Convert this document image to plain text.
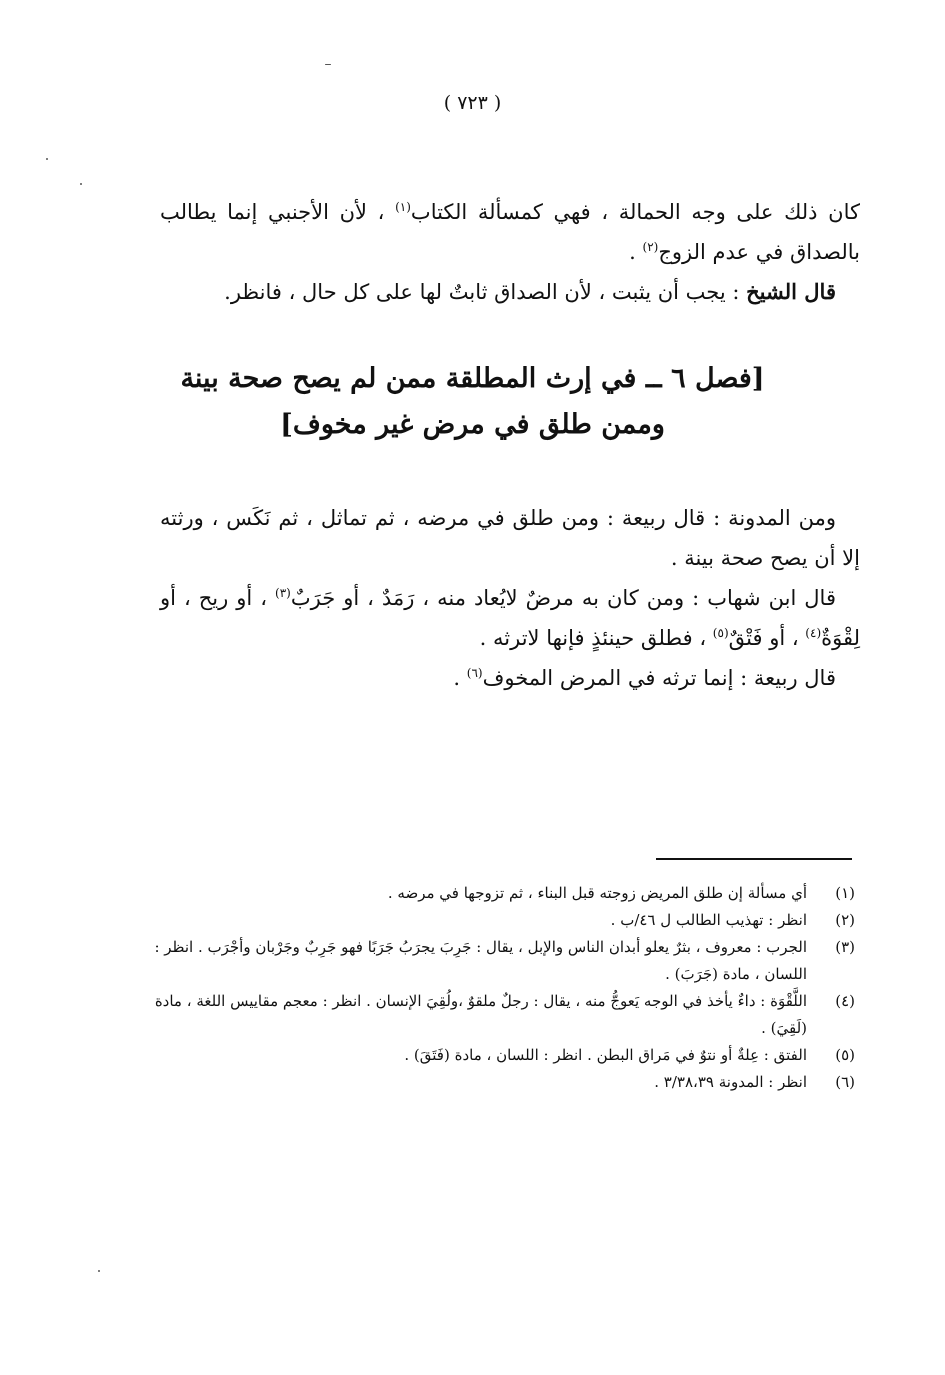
( ٧٢٣ )

كان ذلك على وجه الحمالة ، فهي كمسألة الكتاب$^{(١)}$ ، لأن الأجنبي إنما يطالب بالصداق في عدم الزوج$^{(٢)}$ .

قال الشيخ : يجب أن يثبت ، لأن الصداق ثابتٌ لها على كل حال ، فانظر.

[فصل ٦ ــ في إرث المطلقة ممن لم يصح صحة بينة
وممن طلق في مرض غير مخوف]

ومن المدونة : قال ربيعة : ومن طلق في مرضه ، ثم تماثل ، ثم نَكَس ، ورثته إلا أن يصح صحة بينة .

قال ابن شهاب : ومن كان به مرضٌ لايُعاد منه ، رَمَدٌ ، أو جَرَبٌ$^{(٣)}$ ، أو ريح ، أو لِقْوَةٌ$^{(٤)}$ ، أو فَتْقٌ$^{(٥)}$ ، فطلق حينئذٍ فإنها لاترثه .

قال ربيعة : إنما ترثه في المرض المخوف$^{(٦)}$ .

(١)
أي مسألة إن طلق المريض زوجته قبل البناء ، ثم تزوجها في مرضه .
(٢)
انظر : تهذيب الطالب ل ٤٦/ب .
(٣)
الجرب : معروف ، بثرٌ يعلو أبدان الناس والإبل ، يقال : جَرِبَ يجرَبُ جَرَبًا فهو جَرِبٌ وجَرْبان وأجْرَب . انظر : اللسان ، مادة (جَرَبَ) .
(٤)
اللَّقْوَة : داءٌ يأخذ في الوجه يَعوجُّ منه ، يقال : رجلٌ ملقوٌ ،ولُقِيَ الإنسان . انظر : معجم مقاييس اللغة ، مادة (لَقِيَ) .
(٥)
الفتق : عِلةٌ أو نتوٌ في مَراق البطن . انظر : اللسان ، مادة (فَتَقَ) .
(٦)
انظر : المدونة ٣/٣٨،٣٩ .
